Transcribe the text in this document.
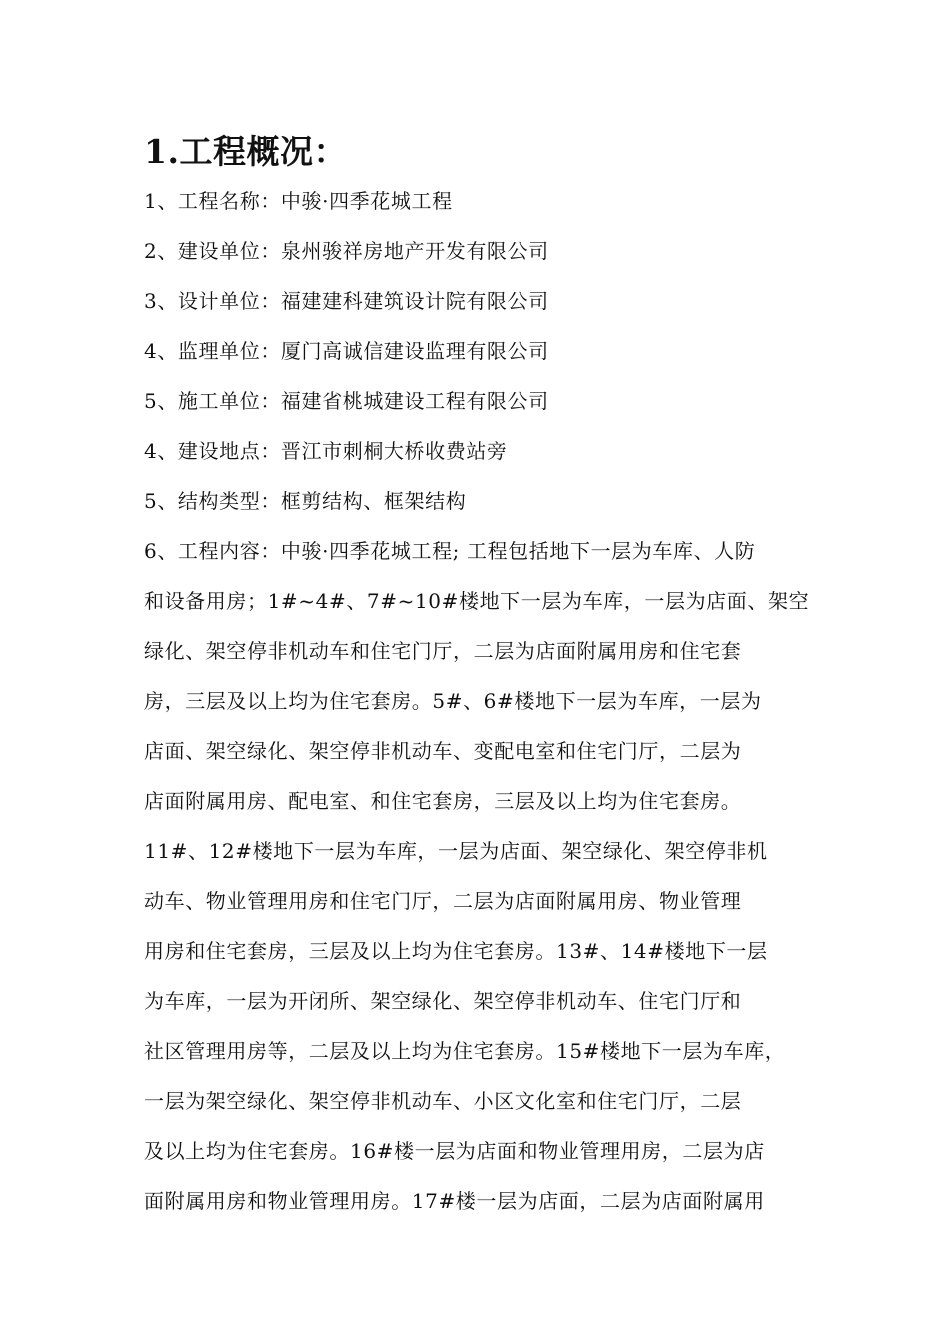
1.工程概况：
1、工程名称：中骏·四季花城工程
2、建设单位：泉州骏祥房地产开发有限公司
3、设计单位：福建建科建筑设计院有限公司
4、监理单位：厦门高诚信建设监理有限公司
5、施工单位：福建省桃城建设工程有限公司
4、建设地点：晋江市刺桐大桥收费站旁
5、结构类型：框剪结构、框架结构
6、工程内容：中骏·四季花城工程; 工程包括地下一层为车库、人防
和设备用房；1#~4#、7#~10#楼地下一层为车库，一层为店面、架空
绿化、架空停非机动车和住宅门厅，二层为店面附属用房和住宅套
房，三层及以上均为住宅套房。5#、6#楼地下一层为车库，一层为
店面、架空绿化、架空停非机动车、变配电室和住宅门厅，二层为
店面附属用房、配电室、和住宅套房，三层及以上均为住宅套房。
11#、12#楼地下一层为车库，一层为店面、架空绿化、架空停非机
动车、物业管理用房和住宅门厅，二层为店面附属用房、物业管理
用房和住宅套房，三层及以上均为住宅套房。13#、14#楼地下一层
为车库，一层为开闭所、架空绿化、架空停非机动车、住宅门厅和
社区管理用房等，二层及以上均为住宅套房。15#楼地下一层为车库，
一层为架空绿化、架空停非机动车、小区文化室和住宅门厅，二层
及以上均为住宅套房。16#楼一层为店面和物业管理用房，二层为店
面附属用房和物业管理用房。17#楼一层为店面，二层为店面附属用
